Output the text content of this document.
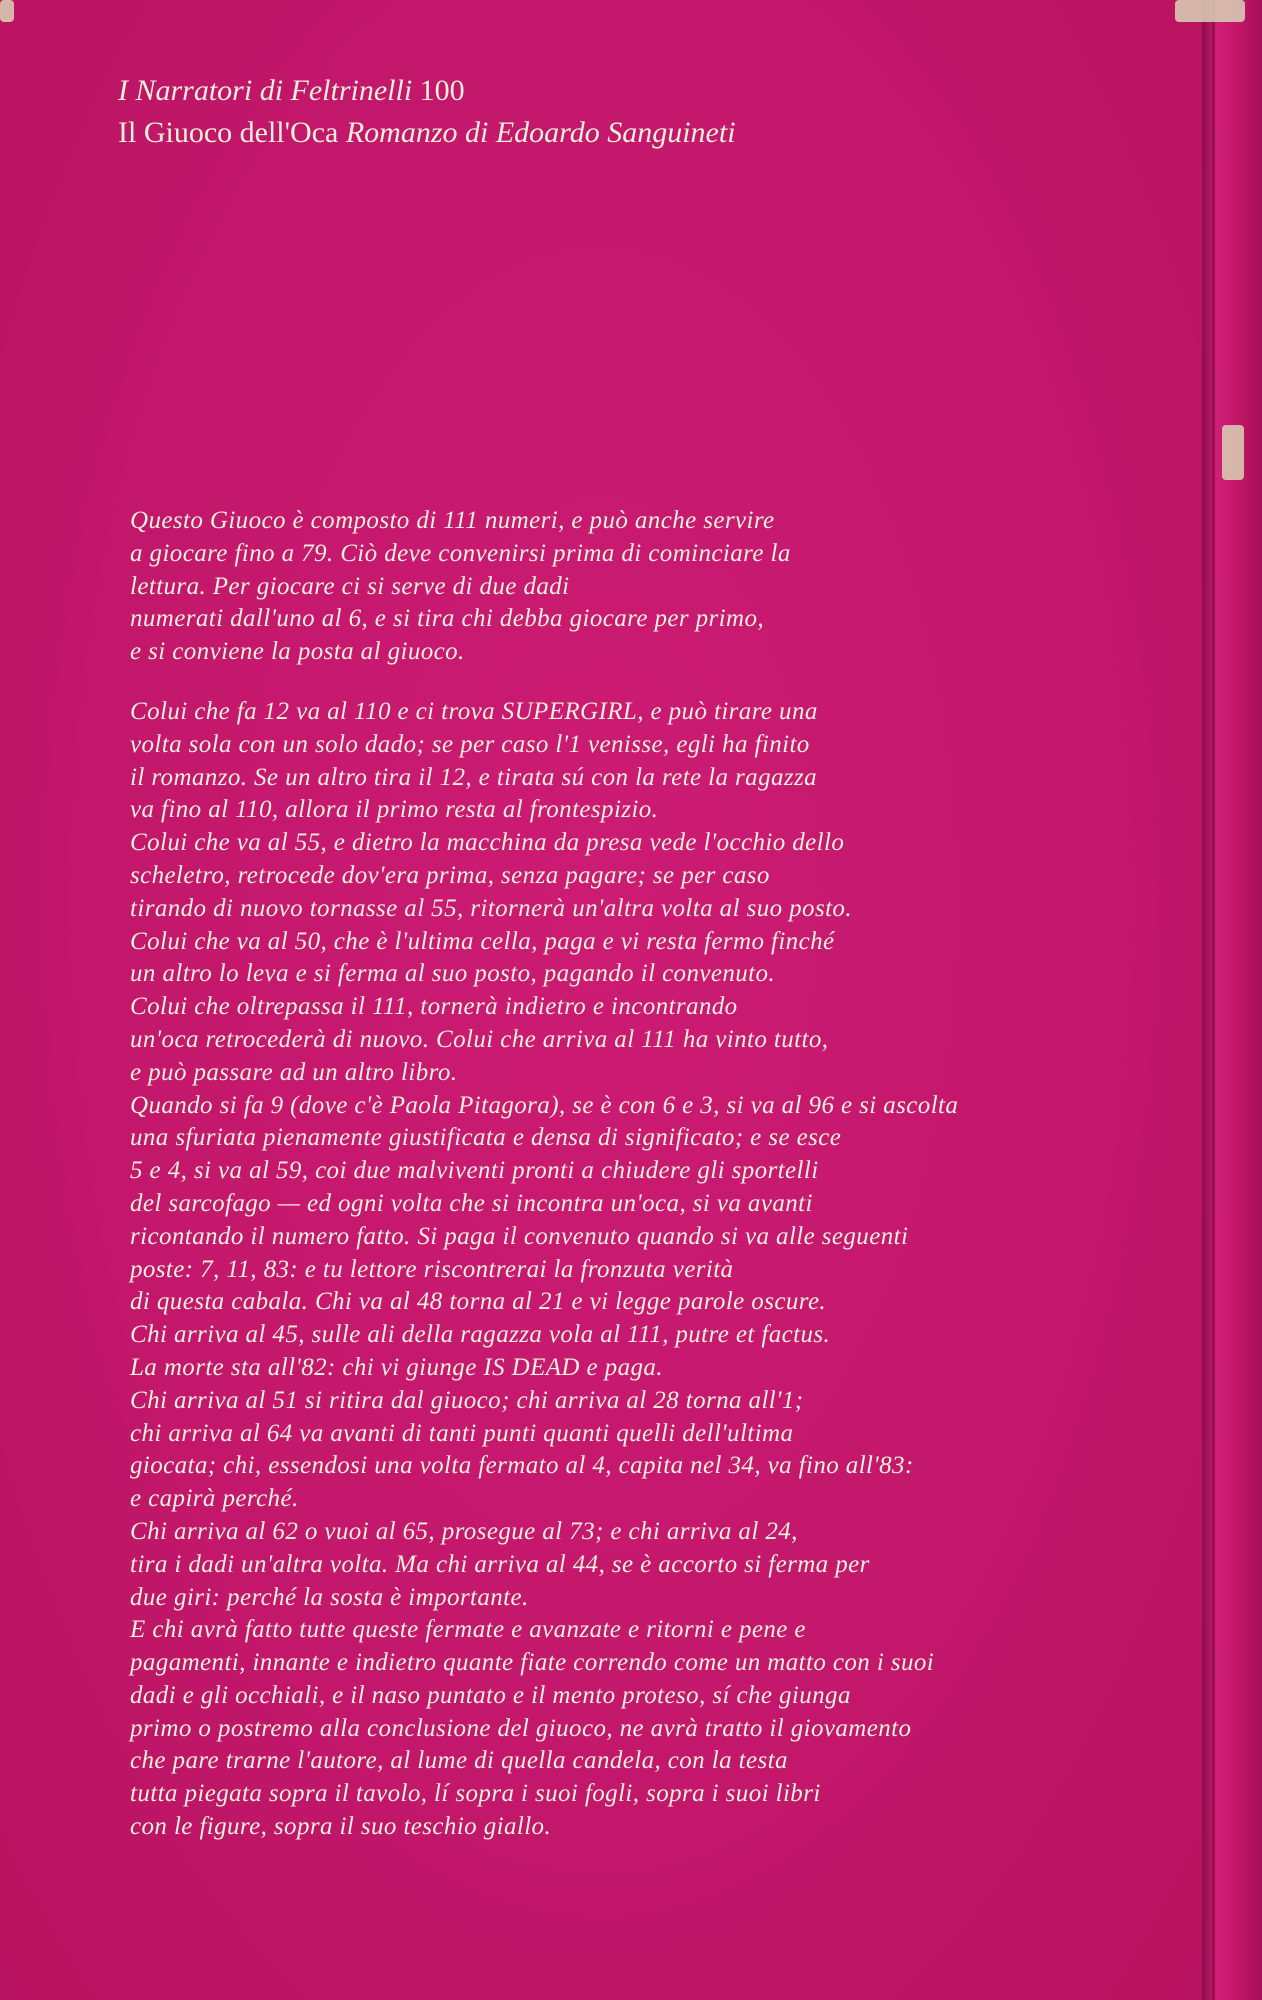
I Narratori di Feltrinelli 100
Il Giuoco dell'Oca Romanzo di Edoardo Sanguineti
Questo Giuoco è composto di 111 numeri, e può anche servire
a giocare fino a 79. Ciò deve convenirsi prima di cominciare la
lettura. Per giocare ci si serve di due dadi
numerati dall'uno al 6, e si tira chi debba giocare per primo,
e si conviene la posta al giuoco.
Colui che fa 12 va al 110 e ci trova SUPERGIRL, e può tirare una
volta sola con un solo dado; se per caso l'1 venisse, egli ha finito
il romanzo. Se un altro tira il 12, e tirata sú con la rete la ragazza
va fino al 110, allora il primo resta al frontespizio.
Colui che va al 55, e dietro la macchina da presa vede l'occhio dello
scheletro, retrocede dov'era prima, senza pagare; se per caso
tirando di nuovo tornasse al 55, ritornerà un'altra volta al suo posto.
Colui che va al 50, che è l'ultima cella, paga e vi resta fermo finché
un altro lo leva e si ferma al suo posto, pagando il convenuto.
Colui che oltrepassa il 111, tornerà indietro e incontrando
un'oca retrocederà di nuovo. Colui che arriva al 111 ha vinto tutto,
e può passare ad un altro libro.
Quando si fa 9 (dove c'è Paola Pitagora), se è con 6 e 3, si va al 96 e si ascolta
una sfuriata pienamente giustificata e densa di significato; e se esce
5 e 4, si va al 59, coi due malviventi pronti a chiudere gli sportelli
del sarcofago — ed ogni volta che si incontra un'oca, si va avanti
ricontando il numero fatto. Si paga il convenuto quando si va alle seguenti
poste: 7, 11, 83: e tu lettore riscontrerai la fronzuta verità
di questa cabala. Chi va al 48 torna al 21 e vi legge parole oscure.
Chi arriva al 45, sulle ali della ragazza vola al 111, putre et factus.
La morte sta all'82: chi vi giunge IS DEAD e paga.
Chi arriva al 51 si ritira dal giuoco; chi arriva al 28 torna all'1;
chi arriva al 64 va avanti di tanti punti quanti quelli dell'ultima
giocata; chi, essendosi una volta fermato al 4, capita nel 34, va fino all'83:
e capirà perché.
Chi arriva al 62 o vuoi al 65, prosegue al 73; e chi arriva al 24,
tira i dadi un'altra volta. Ma chi arriva al 44, se è accorto si ferma per
due giri: perché la sosta è importante.
E chi avrà fatto tutte queste fermate e avanzate e ritorni e pene e
pagamenti, innante e indietro quante fiate correndo come un matto con i suoi
dadi e gli occhiali, e il naso puntato e il mento proteso, sí che giunga
primo o postremo alla conclusione del giuoco, ne avrà tratto il giovamento
che pare trarne l'autore, al lume di quella candela, con la testa
tutta piegata sopra il tavolo, lí sopra i suoi fogli, sopra i suoi libri
con le figure, sopra il suo teschio giallo.
